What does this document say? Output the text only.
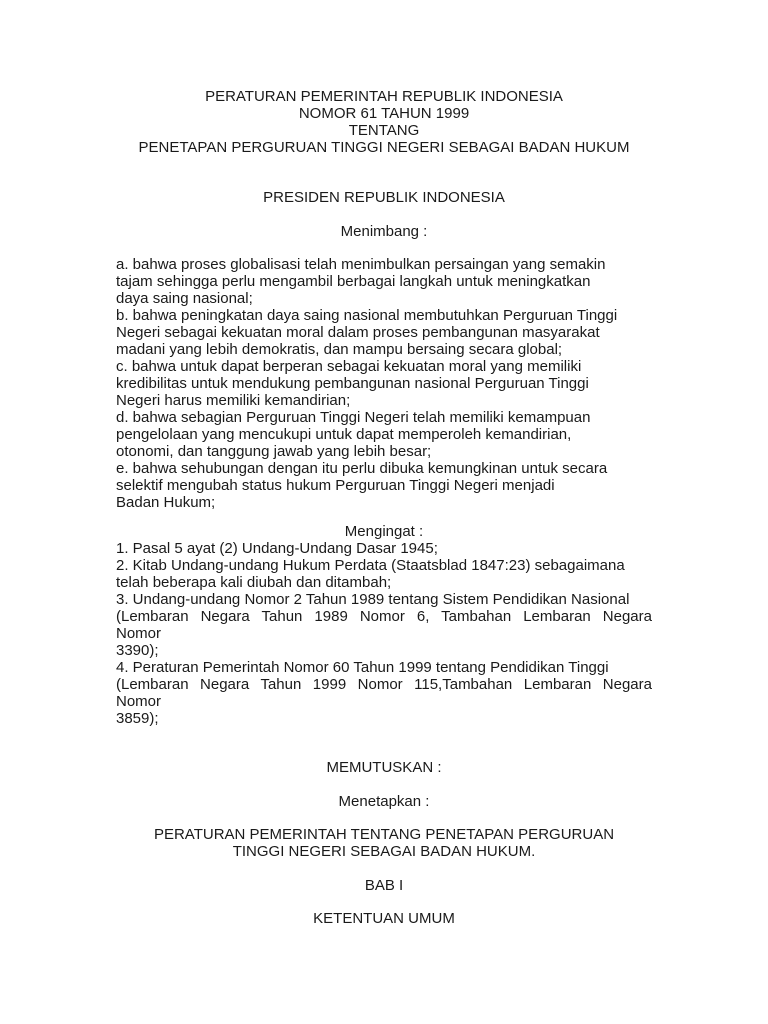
PERATURAN PEMERINTAH REPUBLIK INDONESIA
NOMOR 61 TAHUN 1999
TENTANG
PENETAPAN PERGURUAN TINGGI NEGERI SEBAGAI BADAN HUKUM
PRESIDEN REPUBLIK INDONESIA
Menimbang :
a. bahwa proses globalisasi telah menimbulkan persaingan yang semakin
tajam sehingga perlu mengambil berbagai langkah untuk meningkatkan
daya saing nasional;
b. bahwa peningkatan daya saing nasional membutuhkan Perguruan Tinggi
Negeri sebagai kekuatan moral dalam proses pembangunan masyarakat
madani yang lebih demokratis, dan mampu bersaing secara global;
c. bahwa untuk dapat berperan sebagai kekuatan moral yang memiliki
kredibilitas untuk mendukung pembangunan nasional Perguruan Tinggi
Negeri harus memiliki kemandirian;
d. bahwa sebagian Perguruan Tinggi Negeri telah memiliki kemampuan
pengelolaan yang mencukupi untuk dapat memperoleh kemandirian,
otonomi, dan tanggung jawab yang lebih besar;
e. bahwa sehubungan dengan itu perlu dibuka kemungkinan untuk secara
selektif mengubah status hukum Perguruan Tinggi Negeri menjadi
Badan Hukum;
Mengingat :
1. Pasal 5 ayat (2) Undang-Undang Dasar 1945;
2. Kitab Undang-undang Hukum Perdata (Staatsblad 1847:23) sebagaimana
telah beberapa kali diubah dan ditambah;
3. Undang-undang Nomor 2 Tahun 1989 tentang Sistem Pendidikan Nasional
(Lembaran Negara Tahun 1989 Nomor 6, Tambahan Lembaran Negara
Nomor
3390);
4. Peraturan Pemerintah Nomor 60 Tahun 1999 tentang Pendidikan Tinggi
(Lembaran Negara Tahun 1999 Nomor 115,Tambahan Lembaran Negara
Nomor
3859);
MEMUTUSKAN :
Menetapkan :
PERATURAN PEMERINTAH TENTANG PENETAPAN PERGURUAN
TINGGI NEGERI SEBAGAI BADAN HUKUM.
BAB I
KETENTUAN UMUM
